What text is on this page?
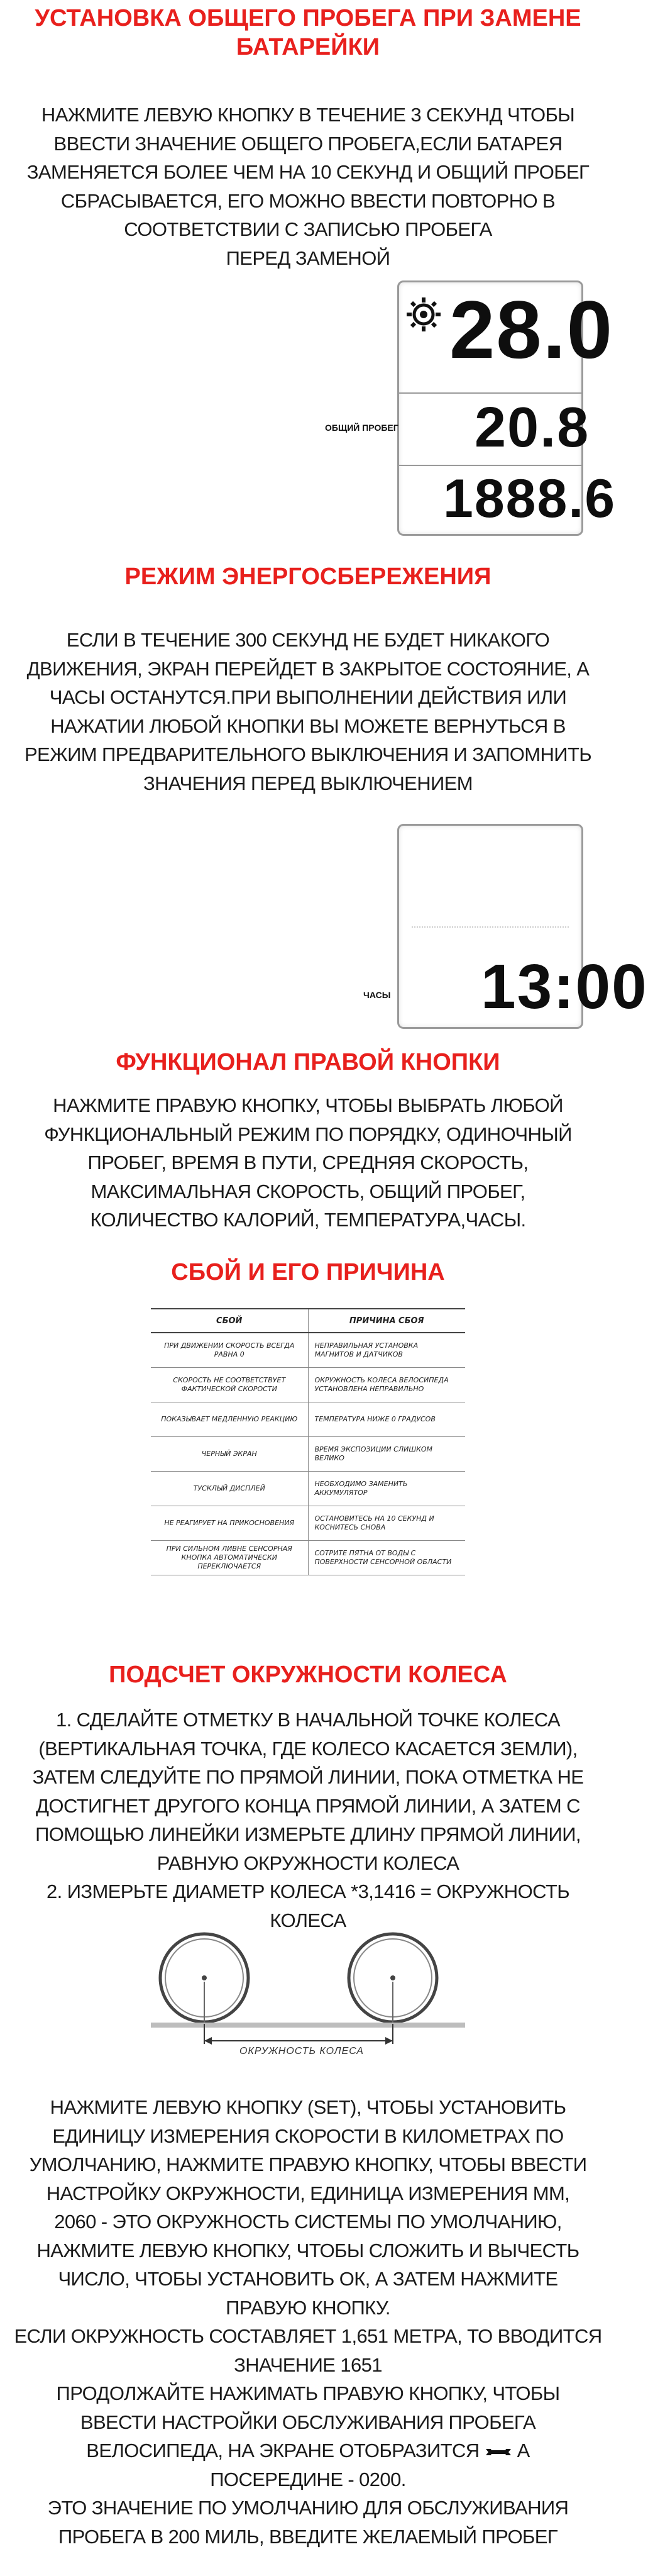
УСТАНОВКА ОБЩЕГО ПРОБЕГА ПРИ ЗАМЕНЕ
БАТАРЕЙКИ

НАЖМИТЕ ЛЕВУЮ КНОПКУ В ТЕЧЕНИЕ 3 СЕКУНД ЧТОБЫ

ВВЕСТИ ЗНАЧЕНИЕ ОБЩЕГО ПРОБЕГА,ЕСЛИ БАТАРЕЯ

ЗАМЕНЯЕТСЯ БОЛЕЕ ЧЕМ НА 10 СЕКУНД И ОБЩИЙ ПРОБЕГ

СБРАСЫВАЕТСЯ, ЕГО МОЖНО ВВЕСТИ ПОВТОРНО В

СООТВЕТСТВИИ С ЗАПИСЬЮ ПРОБЕГА

ПЕРЕД ЗАМЕНОЙ

28.0
20.8
1888.6
ОБЩИЙ ПРОБЕГ
РЕЖИМ ЭНЕРГОСБЕРЕЖЕНИЯ

ЕСЛИ В ТЕЧЕНИЕ 300 СЕКУНД НЕ БУДЕТ НИКАКОГО

ДВИЖЕНИЯ, ЭКРАН ПЕРЕЙДЕТ В ЗАКРЫТОЕ СОСТОЯНИЕ, А

ЧАСЫ ОСТАНУТСЯ.ПРИ ВЫПОЛНЕНИИ ДЕЙСТВИЯ ИЛИ

НАЖАТИИ ЛЮБОЙ КНОПКИ ВЫ МОЖЕТЕ ВЕРНУТЬСЯ В

РЕЖИМ ПРЕДВАРИТЕЛЬНОГО ВЫКЛЮЧЕНИЯ И ЗАПОМНИТЬ

ЗНАЧЕНИЯ ПЕРЕД ВЫКЛЮЧЕНИЕМ

13:00
ЧАСЫ
ФУНКЦИОНАЛ ПРАВОЙ КНОПКИ

НАЖМИТЕ ПРАВУЮ КНОПКУ, ЧТОБЫ ВЫБРАТЬ ЛЮБОЙ

ФУНКЦИОНАЛЬНЫЙ РЕЖИМ ПО ПОРЯДКУ, ОДИНОЧНЫЙ

ПРОБЕГ, ВРЕМЯ В ПУТИ, СРЕДНЯЯ СКОРОСТЬ,

МАКСИМАЛЬНАЯ СКОРОСТЬ, ОБЩИЙ ПРОБЕГ,

КОЛИЧЕСТВО КАЛОРИЙ, ТЕМПЕРАТУРА,ЧАСЫ.

СБОЙ И ЕГО ПРИЧИНА
СБОЙ	ПРИЧИНА СБОЯ
ПРИ ДВИЖЕНИИ СКОРОСТЬ ВСЕГДА РАВНА 0	НЕПРАВИЛЬНАЯ УСТАНОВКА МАГНИТОВ И ДАТЧИКОВ
СКОРОСТЬ НЕ СООТВЕТСТВУЕТ ФАКТИЧЕСКОЙ СКОРОСТИ	ОКРУЖНОСТЬ КОЛЕСА ВЕЛОСИПЕДА УСТАНОВЛЕНА НЕПРАВИЛЬНО
ПОКАЗЫВАЕТ МЕДЛЕННУЮ РЕАКЦИЮ	ТЕМПЕРАТУРА НИЖЕ 0 ГРАДУСОВ
ЧЕРНЫЙ ЭКРАН	ВРЕМЯ ЭКСПОЗИЦИИ СЛИШКОМ ВЕЛИКО
ТУСКЛЫЙ ДИСПЛЕЙ	НЕОБХОДИМО ЗАМЕНИТЬ АККУМУЛЯТОР
НЕ РЕАГИРУЕТ НА ПРИКОСНОВЕНИЯ	ОСТАНОВИТЕСЬ НА 10 СЕКУНД И КОСНИТЕСЬ СНОВА
ПРИ СИЛЬНОМ ЛИВНЕ СЕНСОРНАЯ КНОПКА АВТОМАТИЧЕСКИ ПЕРЕКЛЮЧАЕТСЯ	СОТРИТЕ ПЯТНА ОТ ВОДЫ С ПОВЕРХНОСТИ СЕНСОРНОЙ ОБЛАСТИ
ПОДСЧЕТ ОКРУЖНОСТИ КОЛЕСА

1. СДЕЛАЙТЕ ОТМЕТКУ В НАЧАЛЬНОЙ ТОЧКЕ КОЛЕСА

(ВЕРТИКАЛЬНАЯ ТОЧКА, ГДЕ КОЛЕСО КАСАЕТСЯ ЗЕМЛИ),

ЗАТЕМ СЛЕДУЙТЕ ПО ПРЯМОЙ ЛИНИИ, ПОКА ОТМЕТКА НЕ

ДОСТИГНЕТ ДРУГОГО КОНЦА ПРЯМОЙ ЛИНИИ, А ЗАТЕМ С

ПОМОЩЬЮ ЛИНЕЙКИ ИЗМЕРЬТЕ ДЛИНУ ПРЯМОЙ ЛИНИИ,

РАВНУЮ ОКРУЖНОСТИ КОЛЕСА

2. ИЗМЕРЬТЕ ДИАМЕТР КОЛЕСА *3,1416 = ОКРУЖНОСТЬ

КОЛЕСА

ОКРУЖНОСТЬ КОЛЕСА

НАЖМИТЕ ЛЕВУЮ КНОПКУ (SET), ЧТОБЫ УСТАНОВИТЬ

ЕДИНИЦУ ИЗМЕРЕНИЯ СКОРОСТИ В КИЛОМЕТРАХ ПО

УМОЛЧАНИЮ, НАЖМИТЕ ПРАВУЮ КНОПКУ, ЧТОБЫ ВВЕСТИ

НАСТРОЙКУ ОКРУЖНОСТИ, ЕДИНИЦА ИЗМЕРЕНИЯ ММ,

2060 - ЭТО ОКРУЖНОСТЬ СИСТЕМЫ ПО УМОЛЧАНИЮ,

НАЖМИТЕ ЛЕВУЮ КНОПКУ, ЧТОБЫ СЛОЖИТЬ И ВЫЧЕСТЬ

ЧИСЛО, ЧТОБЫ УСТАНОВИТЬ ОК, А ЗАТЕМ НАЖМИТЕ

ПРАВУЮ КНОПКУ.

ЕСЛИ ОКРУЖНОСТЬ СОСТАВЛЯЕТ 1,651 МЕТРА, ТО ВВОДИТСЯ

ЗНАЧЕНИЕ 1651

ПРОДОЛЖАЙТЕ НАЖИМАТЬ ПРАВУЮ КНОПКУ, ЧТОБЫ

ВВЕСТИ НАСТРОЙКИ ОБСЛУЖИВАНИЯ ПРОБЕГА

ВЕЛОСИПЕДА, НА ЭКРАНЕ ОТОБРАЗИТСЯ А

ПОСЕРЕДИНЕ - 0200.

ЭТО ЗНАЧЕНИЕ ПО УМОЛЧАНИЮ ДЛЯ ОБСЛУЖИВАНИЯ

ПРОБЕГА В 200 МИЛЬ, ВВЕДИТЕ ЖЕЛАЕМЫЙ ПРОБЕГ
